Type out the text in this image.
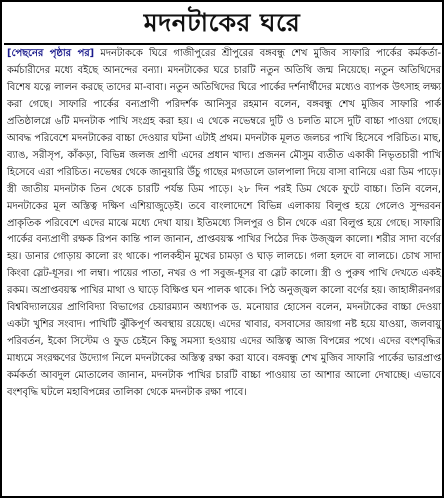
মদনটাকের ঘরে
[পেছনের পৃষ্ঠার পর] মদনটাককে ঘিরে গাজীপুরের শ্রীপুরের বঙ্গবন্ধু শেখ মুজিব সাফারি পার্কের কর্মকর্তা-কর্মচারীদের মধ্যে বইছে আনন্দের বন্যা। মদনটাকের ঘরে চারটি নতুন অতিথি জন্ম নিয়েছে। নতুন অতিথিদের বিশেষ যত্নে লালন করছে তাদের মা-বাবা। নতুন অতিথিদের ঘিরে পার্কের দর্শনার্থীদের মধ্যেও ব্যাপক উৎসাহ লক্ষ্য করা গেছে। সাফারি পার্কের বন্যপ্রাণী পরিদর্শক আনিসুর রহমান বলেন, বঙ্গবন্ধু শেখ মুজিব সাফারি পার্ক প্রতিষ্ঠালগ্নে ৬টি মদনটাক পাখি সংগ্রহ করা হয়। এ থেকে নভেম্বরে দুটি ও চলতি মাসে দুটি বাচ্চা পাওয়া গেছে। আবদ্ধ পরিবেশে মদনটাকের বাচ্চা দেওয়ার ঘটনা এটাই প্রথম। মদনটাক মূলত জলচর পাখি হিসেবে পরিচিত। মাছ, ব্যাঙ, সরীসৃপ, কাঁকড়া, বিভিন্ন জলজ প্রাণী এদের প্রধান খাদ্য। প্রজনন মৌসুম ব্যতীত একাকী নিভৃতচারী পাখি হিসেবে এরা পরিচিত। নভেম্বর থেকে জানুয়ারি উঁচু গাছের মগডালে ডালপালা দিয়ে বাসা বানিয়ে এরা ডিম পাড়ে। স্ত্রী জাতীয় মদনটাক তিন থেকে চারটি পর্যন্ত ডিম পাড়ে। ২৮ দিন পরই ডিম থেকে ফুটে বাচ্চা। তিনি বলেন, মদনটাকের মূল অস্তিত্ব দক্ষিণ এশিয়াজুড়েই। তবে বাংলাদেশে বিভিন্ন এলাকায় বিলুপ্ত হয়ে গেলেও সুন্দরবন প্রাকৃতিক পরিবেশে এদের মাঝে মধ্যে দেখা যায়। ইতিমধ্যে সিলপুর ও চীন থেকে এরা বিলুপ্ত হয়ে গেছে। সাফারি পার্কের বন্যপ্রাণী রক্ষক রিপন কান্তি পাল জানান, প্রাপ্তবয়স্ক পাখির পিঠের দিক উজ্জ্বল কালো। শরীর সাদা বর্ণের হয়। ডানার গোড়ায় কালো রং থাকে। পালকহীন মুখের চামড়া ও ঘাড় লালচে। গলা হলদে বা লালচে। চোখ সাদা কিংবা স্লেট-ধূসর। পা লম্বা। পায়ের পাতা, নখর ও পা সবুজ-ধূসর বা স্লেট কালো। স্ত্রী ও পুরুষ পাখি দেখতে একই রকম। অপ্রাপ্তবয়স্ক পাখির মাথা ও ঘাড়ে বিক্ষিপ্ত ঘন পালক থাকে। পিঠ অনুজ্জ্বল কালো বর্ণের হয়। জাহাঙ্গীরনগর বিশ্ববিদ্যালয়ের প্রাণিবিদ্যা বিভাগের চেয়ারম্যান অধ্যাপক ড. মনোয়ার হোসেন বলেন, মদনটাকের বাচ্চা দেওয়া একটা খুশির সংবাদ। পাখিটি ঝুঁকিপূর্ণ অবস্থায় রয়েছে। এদের খাবার, বসবাসের জায়গা নষ্ট হয়ে যাওয়া, জলবায়ু পরিবর্তন, ইকো সিস্টেম ও ফুড চেইনে কিছু সমস্যা হওয়ায় এদের অস্তিত্ব আজ বিপন্নের পথে। এদের বংশবৃদ্ধির মাধ্যমে সংরক্ষণের উদ্যোগ নিলে মদনটাকের অস্তিত্ব রক্ষা করা যাবে। বঙ্গবন্ধু শেখ মুজিব সাফারি পার্কের ভারপ্রাপ্ত কর্মকর্তা আবদুল মোতালেব জানান, মদনটাক পাখির চারটি বাচ্চা পাওয়ায় তা আশার আলো দেখাচ্ছে। এভাবে বংশবৃদ্ধি ঘটলে মহাবিপন্নের তালিকা থেকে মদনটাক রক্ষা পাবে।
